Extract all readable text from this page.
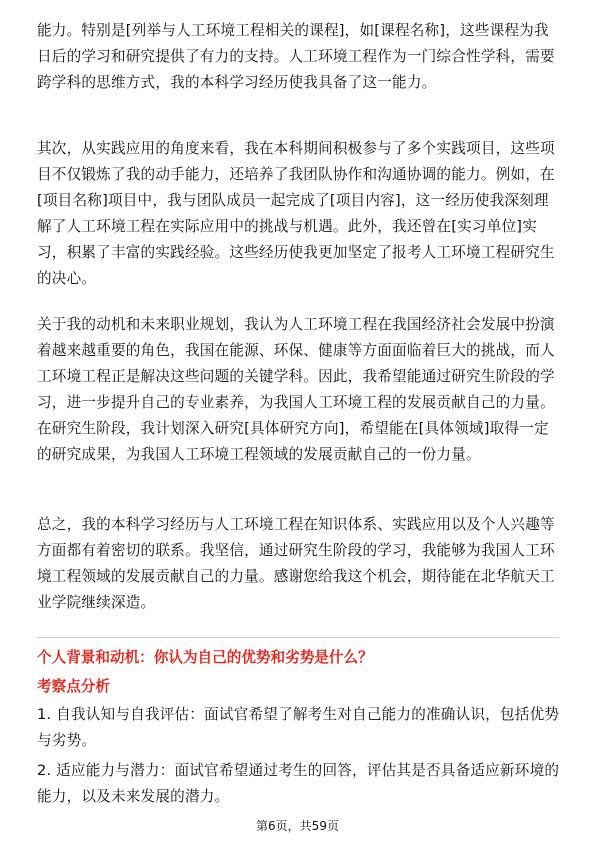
能力。特别是[列举与人工环境工程相关的课程]，如[课程名称]，这些课程为我日后的学习和研究提供了有力的支持。人工环境工程作为一门综合性学科，需要跨学科的思维方式，我的本科学习经历使我具备了这一能力。

其次，从实践应用的角度来看，我在本科期间积极参与了多个实践项目，这些项目不仅锻炼了我的动手能力，还培养了我团队协作和沟通协调的能力。例如，在[项目名称]项目中，我与团队成员一起完成了[项目内容]，这一经历使我深刻理解了人工环境工程在实际应用中的挑战与机遇。此外，我还曾在[实习单位]实习，积累了丰富的实践经验。这些经历使我更加坚定了报考人工环境工程研究生的决心。

关于我的动机和未来职业规划，我认为人工环境工程在我国经济社会发展中扮演着越来越重要的角色，我国在能源、环保、健康等方面面临着巨大的挑战，而人工环境工程正是解决这些问题的关键学科。因此，我希望能通过研究生阶段的学习，进一步提升自己的专业素养，为我国人工环境工程的发展贡献自己的力量。在研究生阶段，我计划深入研究[具体研究方向]，希望能在[具体领域]取得一定的研究成果，为我国人工环境工程领域的发展贡献自己的一份力量。

总之，我的本科学习经历与人工环境工程在知识体系、实践应用以及个人兴趣等方面都有着密切的联系。我坚信，通过研究生阶段的学习，我能够为我国人工环境工程领域的发展贡献自己的力量。感谢您给我这个机会，期待能在北华航天工业学院继续深造。

个人背景和动机：你认为自己的优势和劣势是什么？

考察点分析

1. 自我认知与自我评估：面试官希望了解考生对自己能力的准确认识，包括优势与劣势。

2. 适应能力与潜力：面试官希望通过考生的回答，评估其是否具备适应新环境的能力，以及未来发展的潜力。

第6页，共59页
